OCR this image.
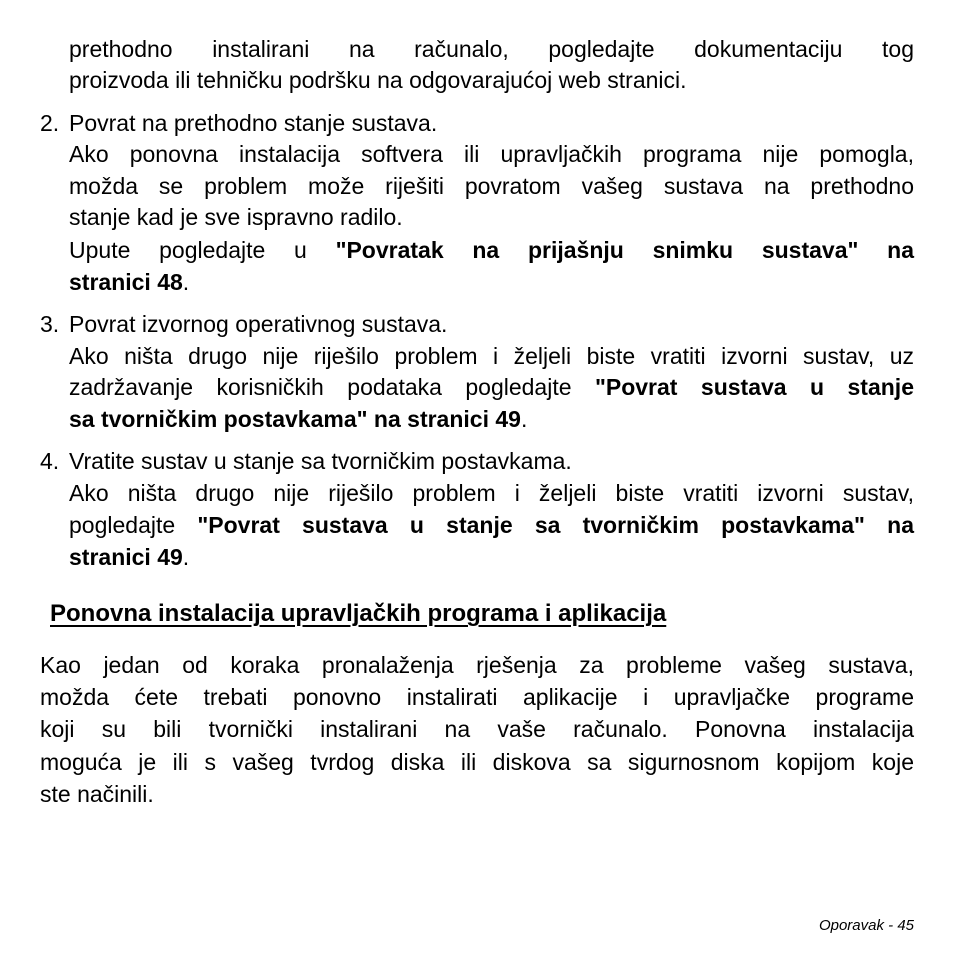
prethodno instalirani na računalo, pogledajte dokumentaciju tog
proizvoda ili tehničku podršku na odgovarajućoj web stranici.
2. Povrat na prethodno stanje sustava.
Ako ponovna instalacija softvera ili upravljačkih programa nije pomogla,
možda se problem može riješiti povratom vašeg sustava na prethodno
stanje kad je sve ispravno radilo.
Upute pogledajte u "Povratak na prijašnju snimku sustava" na
stranici 48.
3. Povrat izvornog operativnog sustava.
Ako ništa drugo nije riješilo problem i željeli biste vratiti izvorni sustav, uz
zadržavanje korisničkih podataka pogledajte "Povrat sustava u stanje
sa tvorničkim postavkama" na stranici 49.
4. Vratite sustav u stanje sa tvorničkim postavkama.
Ako ništa drugo nije riješilo problem i željeli biste vratiti izvorni sustav,
pogledajte "Povrat sustava u stanje sa tvorničkim postavkama" na
stranici 49.
Ponovna instalacija upravljačkih programa i aplikacija
Kao jedan od koraka pronalaženja rješenja za probleme vašeg sustava,
možda ćete trebati ponovno instalirati aplikacije i upravljačke programe
koji su bili tvornički instalirani na vaše računalo. Ponovna instalacija
moguća je ili s vašeg tvrdog diska ili diskova sa sigurnosnom kopijom koje
ste načinili.
Oporavak - 45
